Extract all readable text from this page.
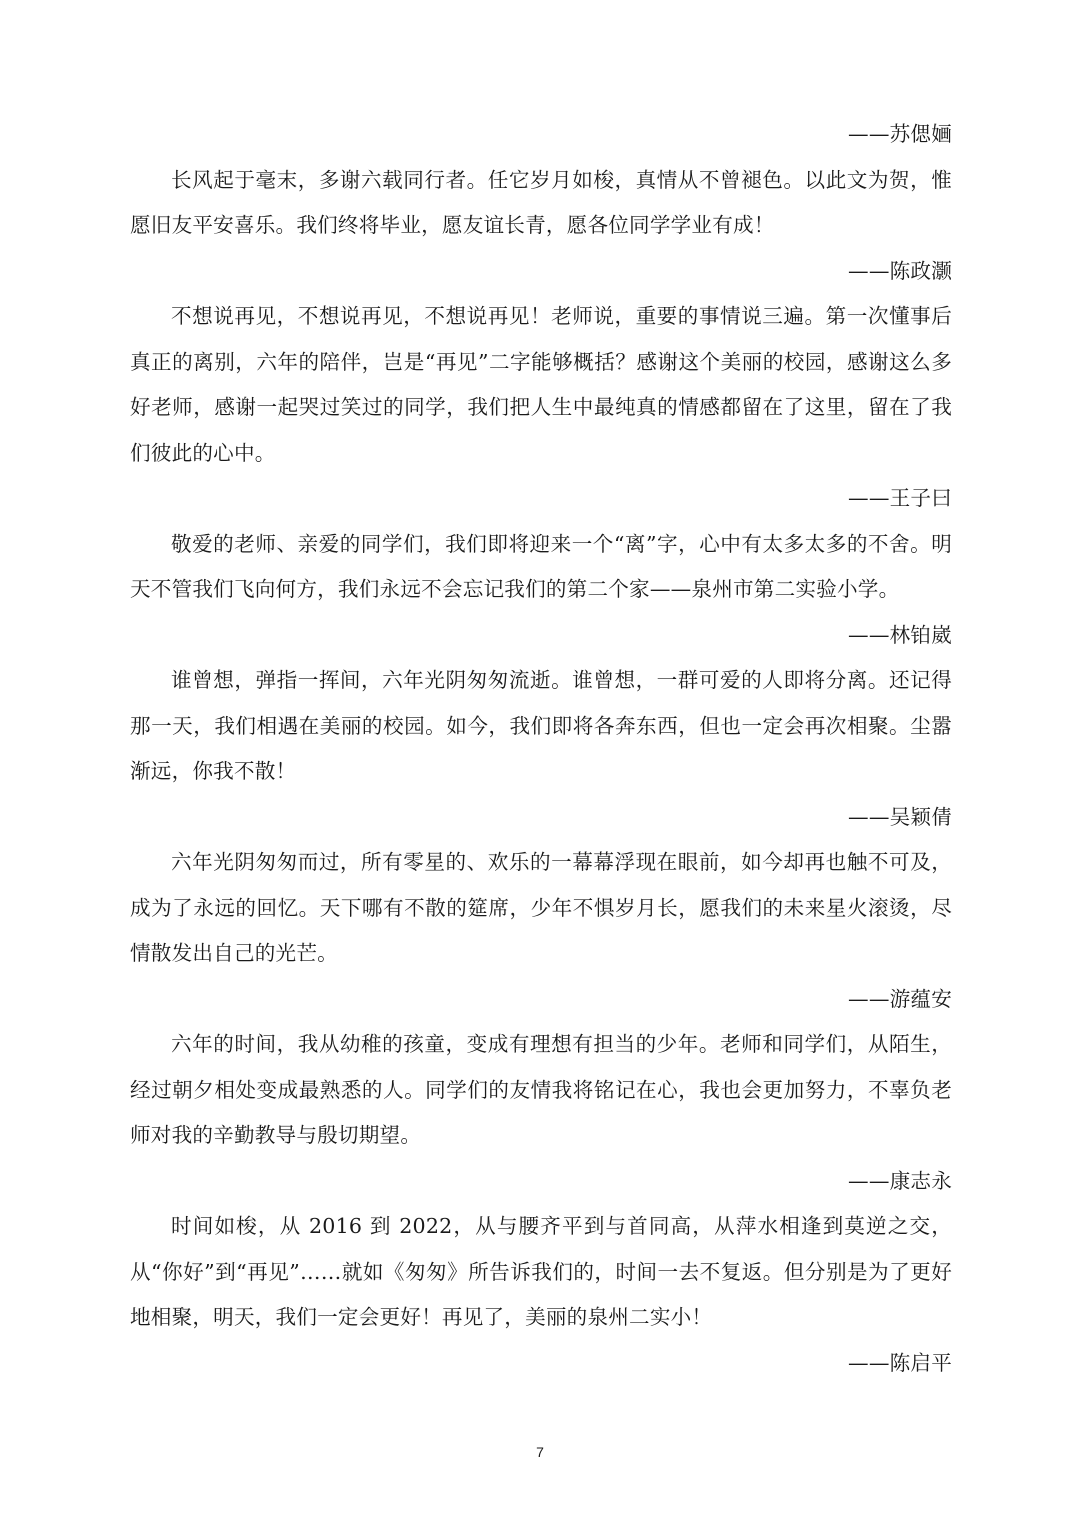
——苏偲婳

长风起于毫末，多谢六载同行者。任它岁月如梭，真情从不曾褪色。以此文为贺，惟愿旧友平安喜乐。我们终将毕业，愿友谊长青，愿各位同学学业有成！

——陈政灏

不想说再见，不想说再见，不想说再见！老师说，重要的事情说三遍。第一次懂事后真正的离别，六年的陪伴，岂是“再见”二字能够概括？感谢这个美丽的校园，感谢这么多好老师，感谢一起哭过笑过的同学，我们把人生中最纯真的情感都留在了这里，留在了我们彼此的心中。

——王子曰

敬爱的老师、亲爱的同学们，我们即将迎来一个“离”字，心中有太多太多的不舍。明天不管我们飞向何方，我们永远不会忘记我们的第二个家——泉州市第二实验小学。

——林铂崴

谁曾想，弹指一挥间，六年光阴匆匆流逝。谁曾想，一群可爱的人即将分离。还记得那一天，我们相遇在美丽的校园。如今，我们即将各奔东西，但也一定会再次相聚。尘嚣渐远，你我不散！

——吴颖倩

六年光阴匆匆而过，所有零星的、欢乐的一幕幕浮现在眼前，如今却再也触不可及，成为了永远的回忆。天下哪有不散的筵席，少年不惧岁月长，愿我们的未来星火滚烫，尽情散发出自己的光芒。

——游蕴安

六年的时间，我从幼稚的孩童，变成有理想有担当的少年。老师和同学们，从陌生，经过朝夕相处变成最熟悉的人。同学们的友情我将铭记在心，我也会更加努力，不辜负老师对我的辛勤教导与殷切期望。

——康志永

时间如梭，从 2016 到 2022，从与腰齐平到与首同高，从萍水相逢到莫逆之交，从“你好”到“再见”……就如《匆匆》所告诉我们的，时间一去不复返。但分别是为了更好地相聚，明天，我们一定会更好！再见了，美丽的泉州二实小！

——陈启平

7
